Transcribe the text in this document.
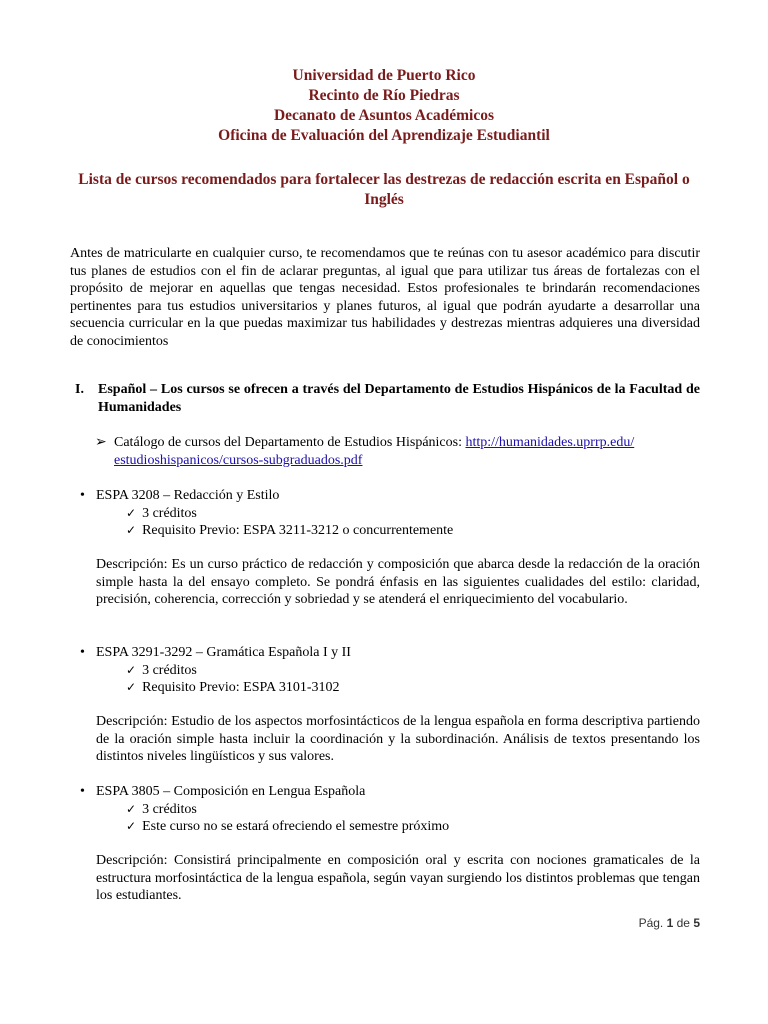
Universidad de Puerto Rico
Recinto de Río Piedras
Decanato de Asuntos Académicos
Oficina de Evaluación del Aprendizaje Estudiantil
Lista de cursos recomendados para fortalecer las destrezas de redacción escrita en Español o Inglés
Antes de matricularte en cualquier curso, te recomendamos que te reúnas con tu asesor académico para discutir tus planes de estudios con el fin de aclarar preguntas, al igual que para utilizar tus áreas de fortalezas con el propósito de mejorar en aquellas que tengas necesidad. Estos profesionales te brindarán recomendaciones pertinentes para tus estudios universitarios y planes futuros, al igual que podrán ayudarte a desarrollar una secuencia curricular en la que puedas maximizar tus habilidades y destrezas mientras adquieres una diversidad de conocimientos
I. Español – Los cursos se ofrecen a través del Departamento de Estudios Hispánicos de la Facultad de Humanidades
➢ Catálogo de cursos del Departamento de Estudios Hispánicos: http://humanidades.uprrp.edu/
estudioshispanicos/cursos-subgraduados.pdf
• ESPA 3208 – Redacción y Estilo
✓ 3 créditos
✓ Requisito Previo: ESPA 3211-3212 o concurrentemente
Descripción: Es un curso práctico de redacción y composición que abarca desde la redacción de la oración simple hasta la del ensayo completo. Se pondrá énfasis en las siguientes cualidades del estilo: claridad, precisión, coherencia, corrección y sobriedad y se atenderá el enriquecimiento del vocabulario.
• ESPA 3291-3292 – Gramática Española I y II
✓ 3 créditos
✓ Requisito Previo: ESPA 3101-3102
Descripción: Estudio de los aspectos morfosintácticos de la lengua española en forma descriptiva partiendo de la oración simple hasta incluir la coordinación y la subordinación. Análisis de textos presentando los distintos niveles lingüísticos y sus valores.
• ESPA 3805 – Composición en Lengua Española
✓ 3 créditos
✓ Este curso no se estará ofreciendo el semestre próximo
Descripción: Consistirá principalmente en composición oral y escrita con nociones gramaticales de la estructura morfosintáctica de la lengua española, según vayan surgiendo los distintos problemas que tengan los estudiantes.
Pág. 1 de 5
